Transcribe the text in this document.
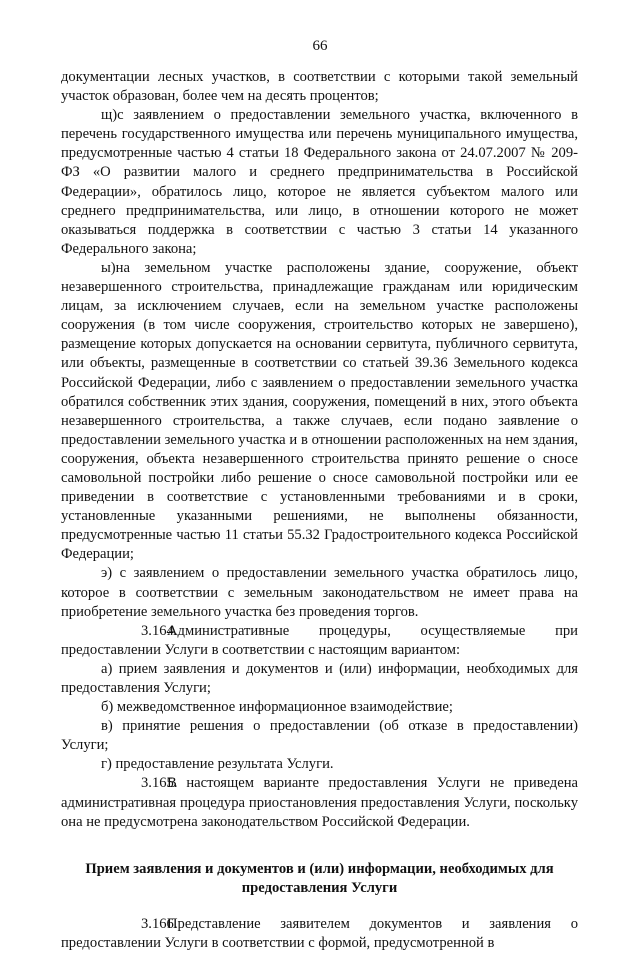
66

документации лесных участков, в соответствии с которыми такой земельный участок образован, более чем на десять процентов;

щ)с заявлением о предоставлении земельного участка, включенного в перечень государственного имущества или перечень муниципального имущества, предусмотренные частью 4 статьи 18 Федерального закона от 24.07.2007 № 209-ФЗ «О развитии малого и среднего предпринимательства в Российской Федерации», обратилось лицо, которое не является субъектом малого или среднего предпринимательства, или лицо, в отношении которого не может оказываться поддержка в соответствии с частью 3 статьи 14 указанного Федерального закона;

ы)на земельном участке расположены здание, сооружение, объект незавершенного строительства, принадлежащие гражданам или юридическим лицам, за исключением случаев, если на земельном участке расположены сооружения (в том числе сооружения, строительство которых не завершено), размещение которых допускается на основании сервитута, публичного сервитута, или объекты, размещенные в соответствии со статьей 39.36 Земельного кодекса Российской Федерации, либо с заявлением о предоставлении земельного участка обратился собственник этих здания, сооружения, помещений в них, этого объекта незавершенного строительства, а также случаев, если подано заявление о предоставлении земельного участка и в отношении расположенных на нем здания, сооружения, объекта незавершенного строительства принято решение о сносе самовольной постройки либо решение о сносе самовольной постройки или ее приведении в соответствие с установленными требованиями и в сроки, установленные указанными решениями, не выполнены обязанности, предусмотренные частью 11 статьи 55.32 Градостроительного кодекса Российской Федерации;

э) с заявлением о предоставлении земельного участка обратилось лицо, которое в соответствии с земельным законодательством не имеет права на приобретение земельного участка без проведения торгов.

3.164.Административные процедуры, осуществляемые при предоставлении Услуги в соответствии с настоящим вариантом:

а) прием заявления и документов и (или) информации, необходимых для предоставления Услуги;

б) межведомственное информационное взаимодействие;

в) принятие решения о предоставлении (об отказе в предоставлении) Услуги;

г) предоставление результата Услуги.

3.165.В настоящем варианте предоставления Услуги не приведена административная процедура приостановления предоставления Услуги, поскольку она не предусмотрена законодательством Российской Федерации.

Прием заявления и документов и (или) информации, необходимых для предоставления Услуги

3.166.Представление заявителем документов и заявления о предоставлении Услуги в соответствии с формой, предусмотренной в
